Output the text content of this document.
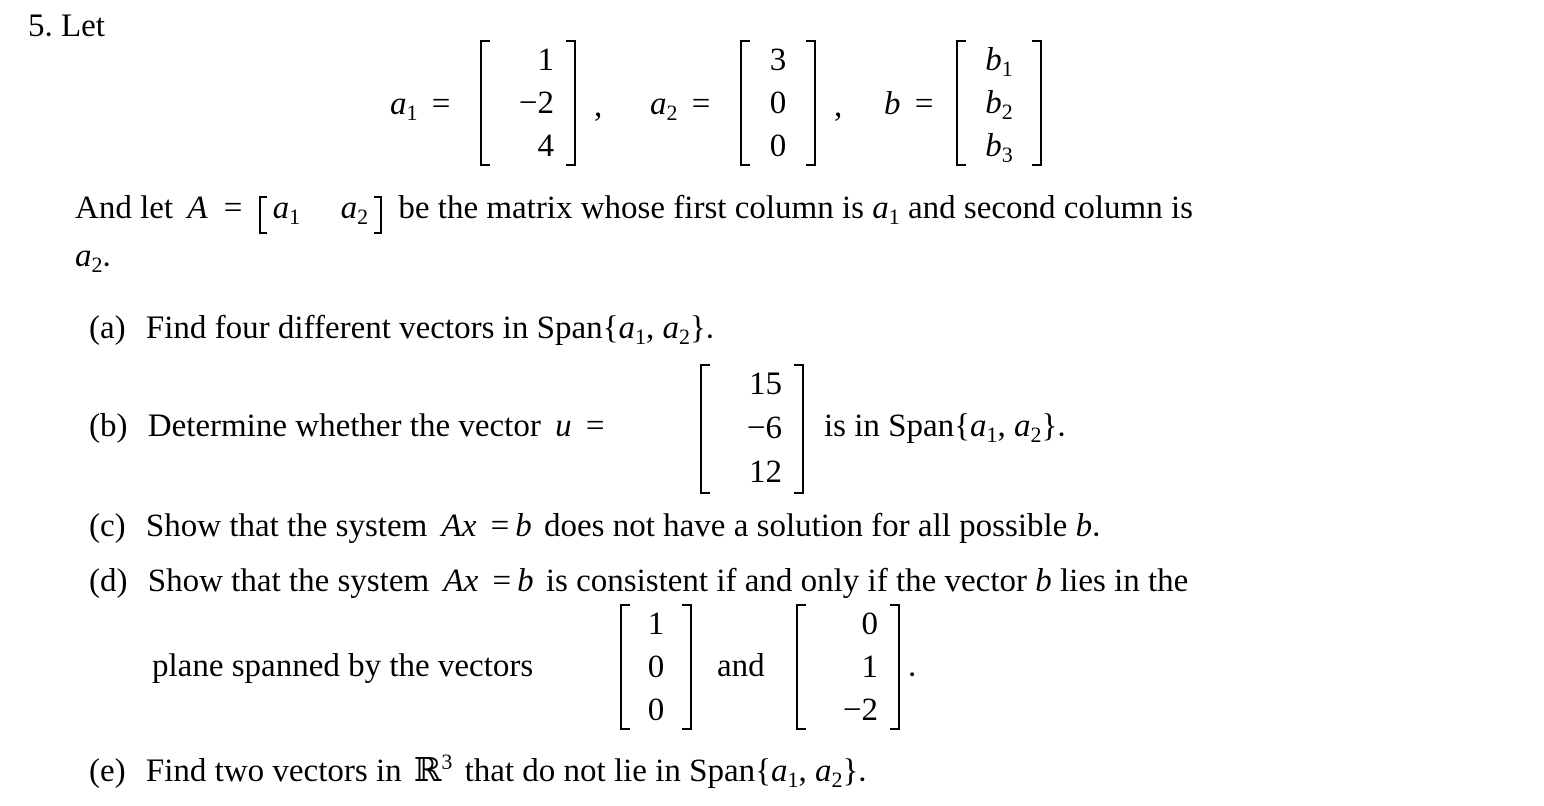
5. Let
$a_1$ =
1
−2
4
, $a_2$ =
3
0
0
, b =
$b_1$
$b_2$
$b_3$
And let $A = a_1$ $a_2$ be the matrix whose first column is $a_1$ and second column is
$a_2$.
(a) Find four different vectors in $Span\{a_1$, $a_2$}.
(b) Determine whether the vector u =
15
−6
12
is in $Span\{a_1$, $a_2$}.
(c) Show that the system Ax = b does not have a solution for all possible b.
(d) Show that the system Ax = b is consistent if and only if the vector b lies in the
plane spanned by the vectors
1
0
0
and
0
1
−2
.
(e) Find two vectors in ℝ$^3$ that do not lie in $Span\{a_1$, $a_2$}.
